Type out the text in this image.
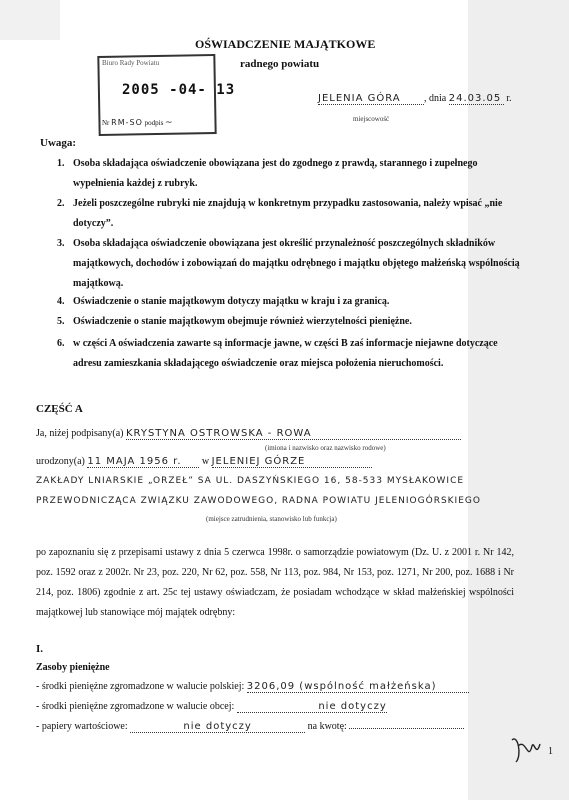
OŚWIADCZENIE MAJĄTKOWE
radnego powiatu
Biuro Rady Powiatu
2005 -04- 13
Nr RM-SO podpis ~
JELENIA GÓRA , dnia 24.03.05 r.
miejscowość
Uwaga:
1. Osoba składająca oświadczenie obowiązana jest do zgodnego z prawdą, starannego i zupełnego wypełnienia każdej z rubryk.
2. Jeżeli poszczególne rubryki nie znajdują w konkretnym przypadku zastosowania, należy wpisać „nie dotyczy”.
3. Osoba składająca oświadczenie obowiązana jest określić przynależność poszczególnych składników majątkowych, dochodów i zobowiązań do majątku odrębnego i majątku objętego małżeńską wspólnością majątkową.
4. Oświadczenie o stanie majątkowym dotyczy majątku w kraju i za granicą.
5. Oświadczenie o stanie majątkowym obejmuje również wierzytelności pieniężne.
6. w części A oświadczenia zawarte są informacje jawne, w części B zaś informacje niejawne dotyczące adresu zamieszkania składającego oświadczenie oraz miejsca położenia nieruchomości.
CZĘŚĆ A
Ja, niżej podpisany(a) KRYSTYNA OSTROWSKA - ROWA
(imiona i nazwisko oraz nazwisko rodowe)
urodzony(a) 11 MAJA 1956 r. w JELENIEJ GÓRZE
ZAKŁADY LNIARSKIE „ORZEŁ” SA UL. DASZYŃSKIEGO 16, 58-533 MYSŁAKOWICE
PRZEWODNICZĄCA ZWIĄZKU ZAWODOWEGO, RADNA POWIATU JELENIOGÓRSKIEGO
(miejsce zatrudnienia, stanowisko lub funkcja)
po zapoznaniu się z przepisami ustawy z dnia 5 czerwca 1998r. o samorządzie powiatowym (Dz. U. z 2001 r. Nr 142, poz. 1592 oraz z 2002r. Nr 23, poz. 220, Nr 62, poz. 558, Nr 113, poz. 984, Nr 153, poz. 1271, Nr 200, poz. 1688 i Nr 214, poz. 1806) zgodnie z art. 25c tej ustawy oświadczam, że posiadam wchodzące w skład małżeńskiej wspólności majątkowej lub stanowiące mój majątek odrębny:
I.
Zasoby pieniężne
- środki pieniężne zgromadzone w walucie polskiej: 3206,09 (wspólność małżeńska)
- środki pieniężne zgromadzone w walucie obcej:	nie dotyczy
- papiery wartościowe:	nie dotyczy	na kwotę:
1
